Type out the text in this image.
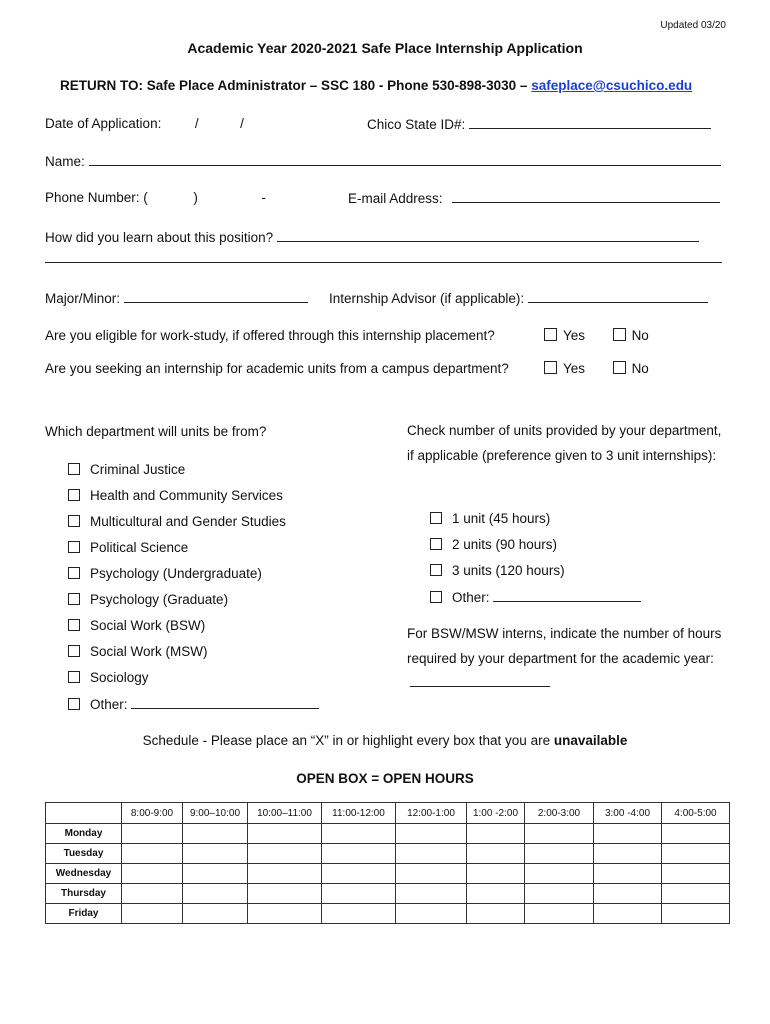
Updated 03/20
Academic Year 2020-2021 Safe Place Internship Application
RETURN TO: Safe Place Administrator – SSC 180 - Phone 530-898-3030 – safeplace@csuchico.edu
Date of Application: /	/	Chico State ID#:
Name:
Phone Number: (	)	-	E-mail Address:
How did you learn about this position?
Major/Minor:	Internship Advisor (if applicable):
Are you eligible for work-study, if offered through this internship placement?	Yes	No
Are you seeking an internship for academic units from a campus department?	Yes	No
Which department will units be from?
Criminal Justice
Health and Community Services
Multicultural and Gender Studies
Political Science
Psychology (Undergraduate)
Psychology (Graduate)
Social Work (BSW)
Social Work (MSW)
Sociology
Other:
Check number of units provided by your department, if applicable (preference given to 3 unit internships):
1 unit (45 hours)
2 units (90 hours)
3 units (120 hours)
Other:
For BSW/MSW interns, indicate the number of hours required by your department for the academic year:
Schedule - Please place an “X” in or highlight every box that you are unavailable
OPEN BOX = OPEN HOURS
	8:00-9:00	9:00–10:00	10:00–11:00	11:00-12:00	12:00-1:00	1:00 -2:00	2:00-3:00	3:00 -4:00	4:00-5:00
Monday									
Tuesday									
Wednesday									
Thursday									
Friday									
